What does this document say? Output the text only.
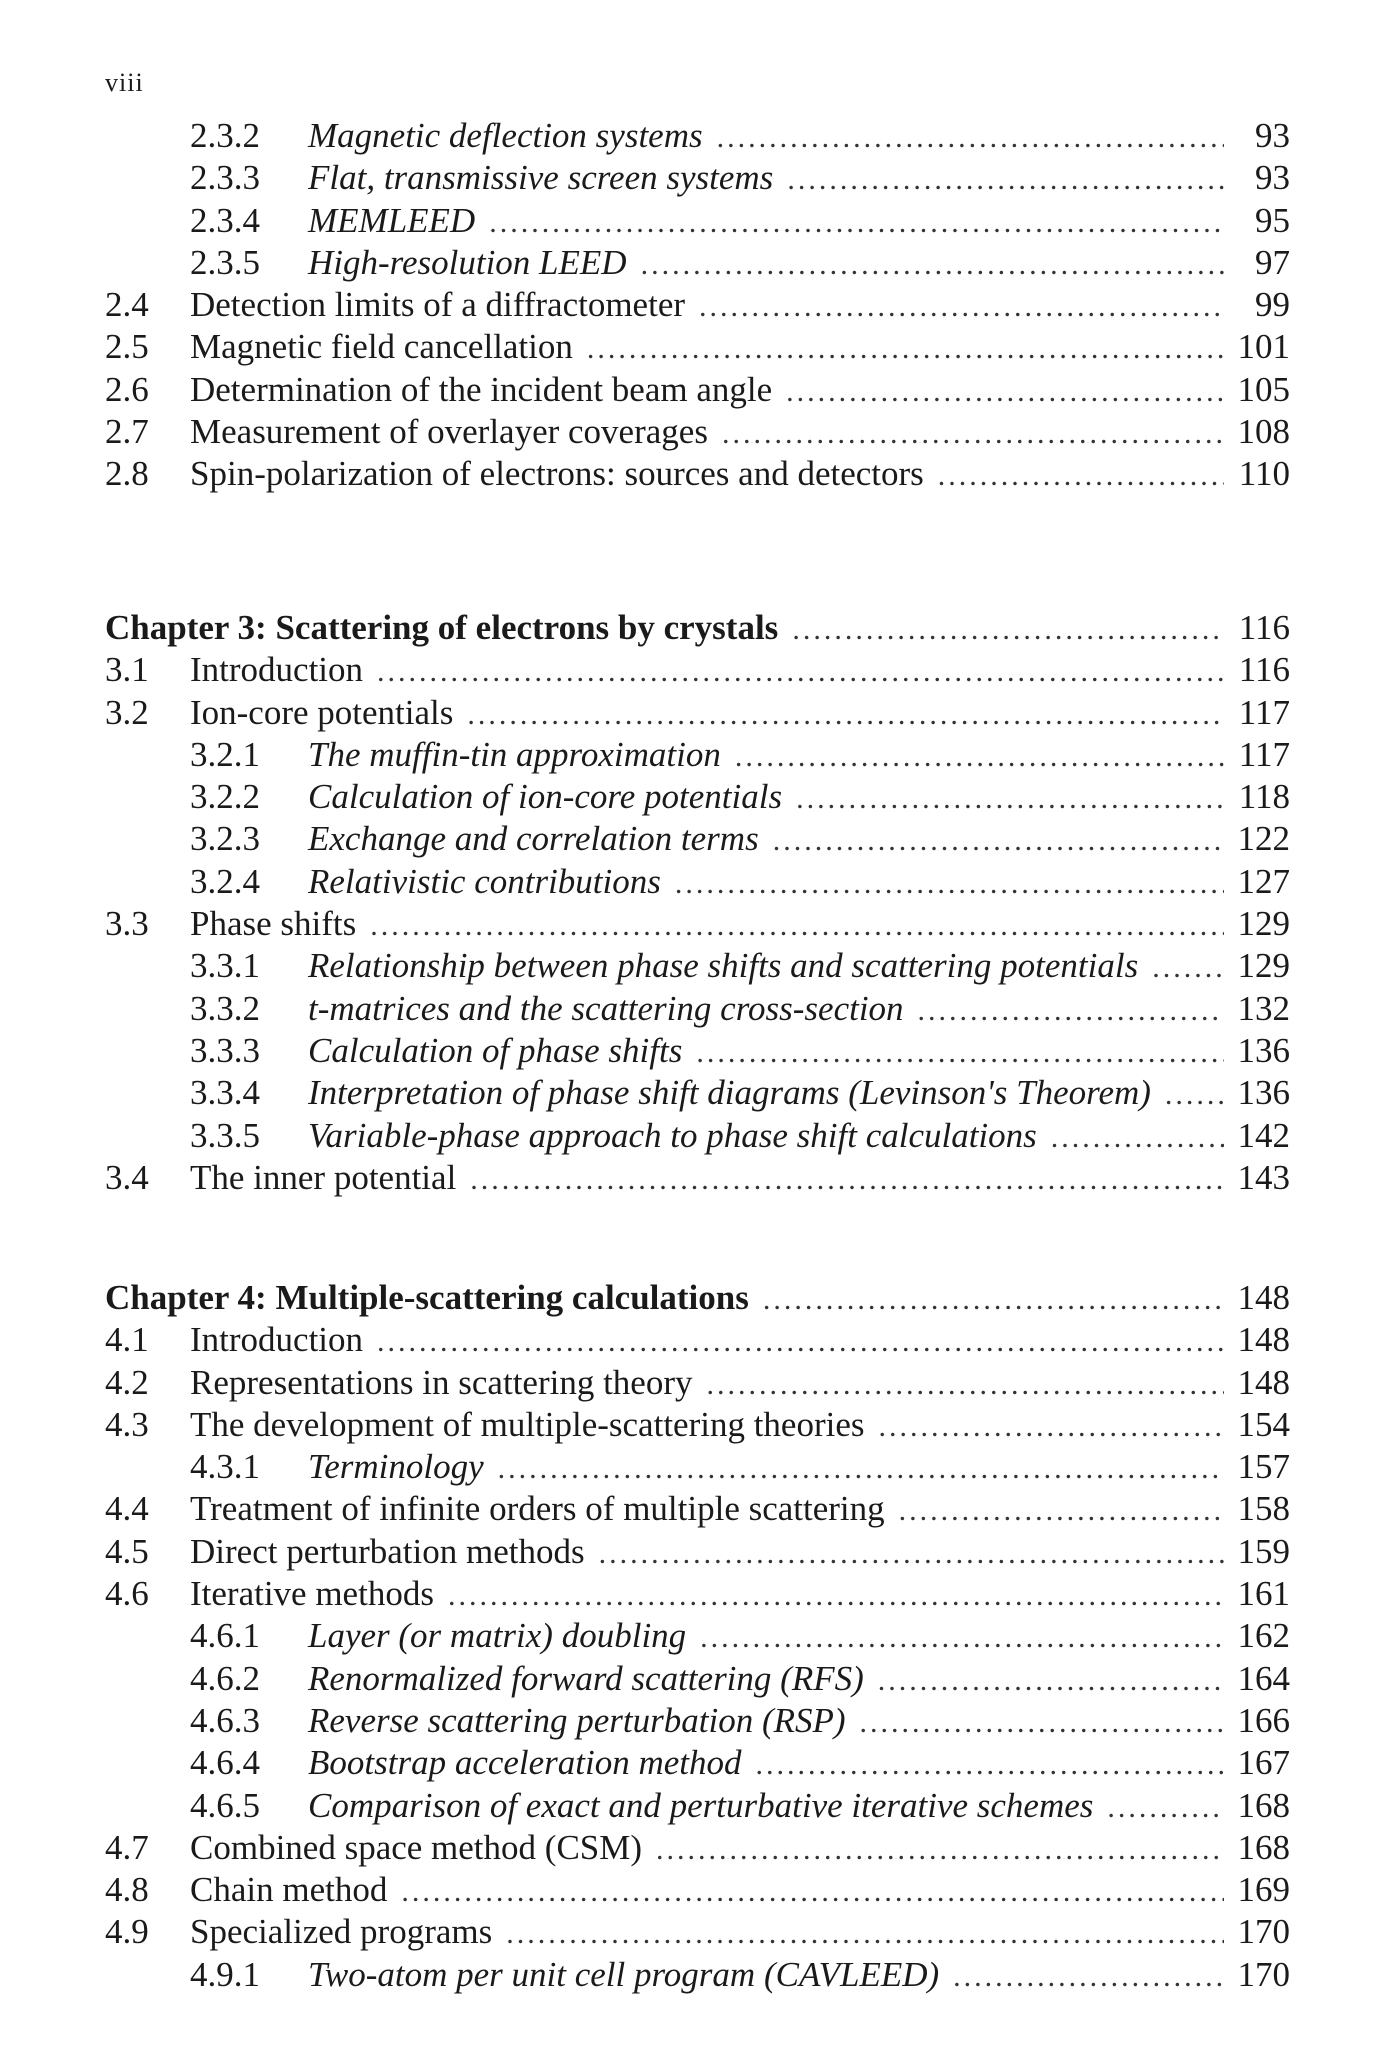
viii
2.3.2	Magnetic deflection systems .....	93
2.3.3	Flat, transmissive screen systems .....	93
2.3.4	MEMLEED .....	95
2.3.5	High-resolution LEED .....	97
2.4	Detection limits of a diffractometer .....	99
2.5	Magnetic field cancellation .....	101
2.6	Determination of the incident beam angle .....	105
2.7	Measurement of overlayer coverages .....	108
2.8	Spin-polarization of electrons: sources and detectors .....	110
Chapter 3: Scattering of electrons by crystals .....	116
3.1	Introduction .....	116
3.2	Ion-core potentials .....	117
3.2.1	The muffin-tin approximation .....	117
3.2.2	Calculation of ion-core potentials .....	118
3.2.3	Exchange and correlation terms .....	122
3.2.4	Relativistic contributions .....	127
3.3	Phase shifts .....	129
3.3.1	Relationship between phase shifts and scattering potentials .....	129
3.3.2	t-matrices and the scattering cross-section .....	132
3.3.3	Calculation of phase shifts .....	136
3.3.4	Interpretation of phase shift diagrams (Levinson's Theorem) ..... 136
3.3.5	Variable-phase approach to phase shift calculations .....	142
3.4	The inner potential .....	143
Chapter 4: Multiple-scattering calculations .....	148
4.1	Introduction .....	148
4.2	Representations in scattering theory .....	148
4.3	The development of multiple-scattering theories .....	154
4.3.1	Terminology .....	157
4.4	Treatment of infinite orders of multiple scattering .....	158
4.5	Direct perturbation methods .....	159
4.6	Iterative methods .....	161
4.6.1	Layer (or matrix) doubling .....	162
4.6.2	Renormalized forward scattering (RFS) .....	164
4.6.3	Reverse scattering perturbation (RSP) .....	166
4.6.4	Bootstrap acceleration method .....	167
4.6.5	Comparison of exact and perturbative iterative schemes .....	168
4.7	Combined space method (CSM) .....	168
4.8	Chain method .....	169
4.9	Specialized programs .....	170
4.9.1	Two-atom per unit cell program (CAVLEED) .....	170
